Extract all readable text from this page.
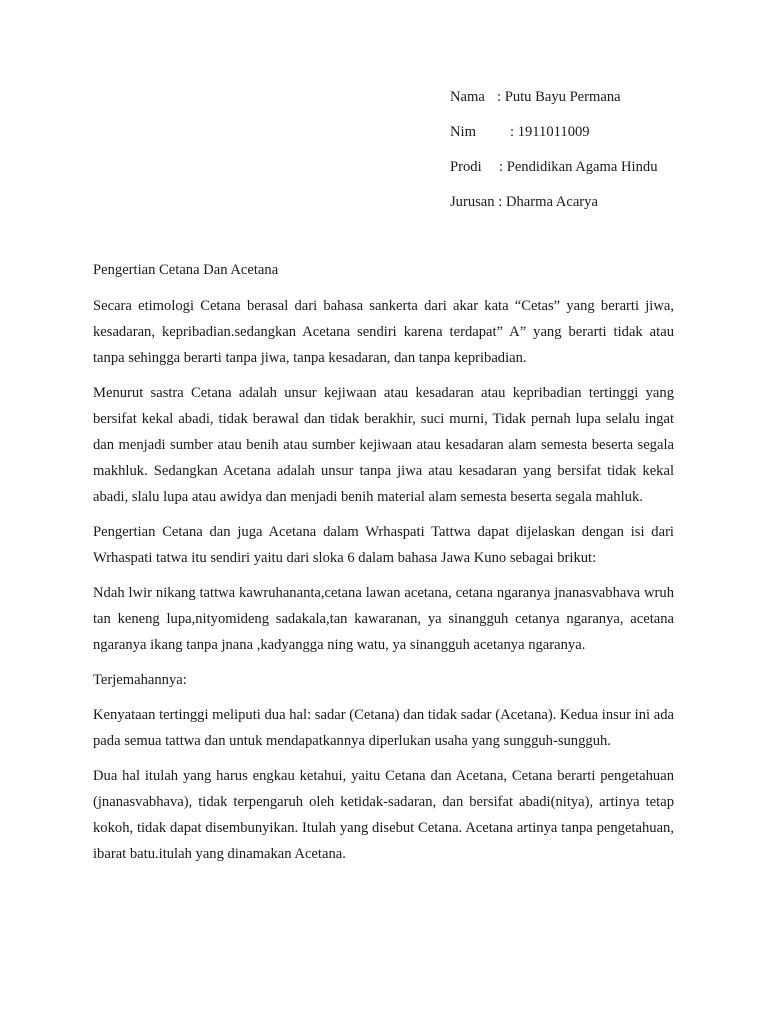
Nama : Putu Bayu Permana
Nim : 1911011009
Prodi : Pendidikan Agama Hindu
Jurusan : Dharma Acarya
Pengertian Cetana Dan Acetana

Secara etimologi Cetana berasal dari bahasa sankerta dari akar kata “Cetas” yang berarti jiwa, kesadaran, kepribadian.sedangkan Acetana sendiri karena terdapat” A” yang berarti tidak atau tanpa sehingga berarti tanpa jiwa, tanpa kesadaran, dan tanpa kepribadian.

Menurut sastra Cetana adalah unsur kejiwaan atau kesadaran atau kepribadian tertinggi yang bersifat kekal abadi, tidak berawal dan tidak berakhir, suci murni, Tidak pernah lupa selalu ingat dan menjadi sumber atau benih atau sumber kejiwaan atau kesadaran alam semesta beserta segala makhluk. Sedangkan Acetana adalah unsur tanpa jiwa atau kesadaran yang bersifat tidak kekal abadi, slalu lupa atau awidya dan menjadi benih material alam semesta beserta segala mahluk.

Pengertian Cetana dan juga Acetana dalam Wrhaspati Tattwa dapat dijelaskan dengan isi dari Wrhaspati tatwa itu sendiri yaitu dari sloka 6 dalam bahasa Jawa Kuno sebagai brikut:

Ndah lwir nikang tattwa kawruhananta,cetana lawan acetana, cetana ngaranya jnanasvabhava wruh tan keneng lupa,nityomideng sadakala,tan kawaranan, ya sinangguh cetanya ngaranya, acetana ngaranya ikang tanpa jnana ,kadyangga ning watu, ya sinangguh acetanya ngaranya.

Terjemahannya:

Kenyataan tertinggi meliputi dua hal: sadar (Cetana) dan tidak sadar (Acetana). Kedua insur ini ada pada semua tattwa dan untuk mendapatkannya diperlukan usaha yang sungguh-sungguh.

Dua hal itulah yang harus engkau ketahui, yaitu Cetana dan Acetana, Cetana berarti pengetahuan (jnanasvabhava), tidak terpengaruh oleh ketidak-sadaran, dan bersifat abadi(nitya), artinya tetap kokoh, tidak dapat disembunyikan. Itulah yang disebut Cetana. Acetana artinya tanpa pengetahuan, ibarat batu.itulah yang dinamakan Acetana.
